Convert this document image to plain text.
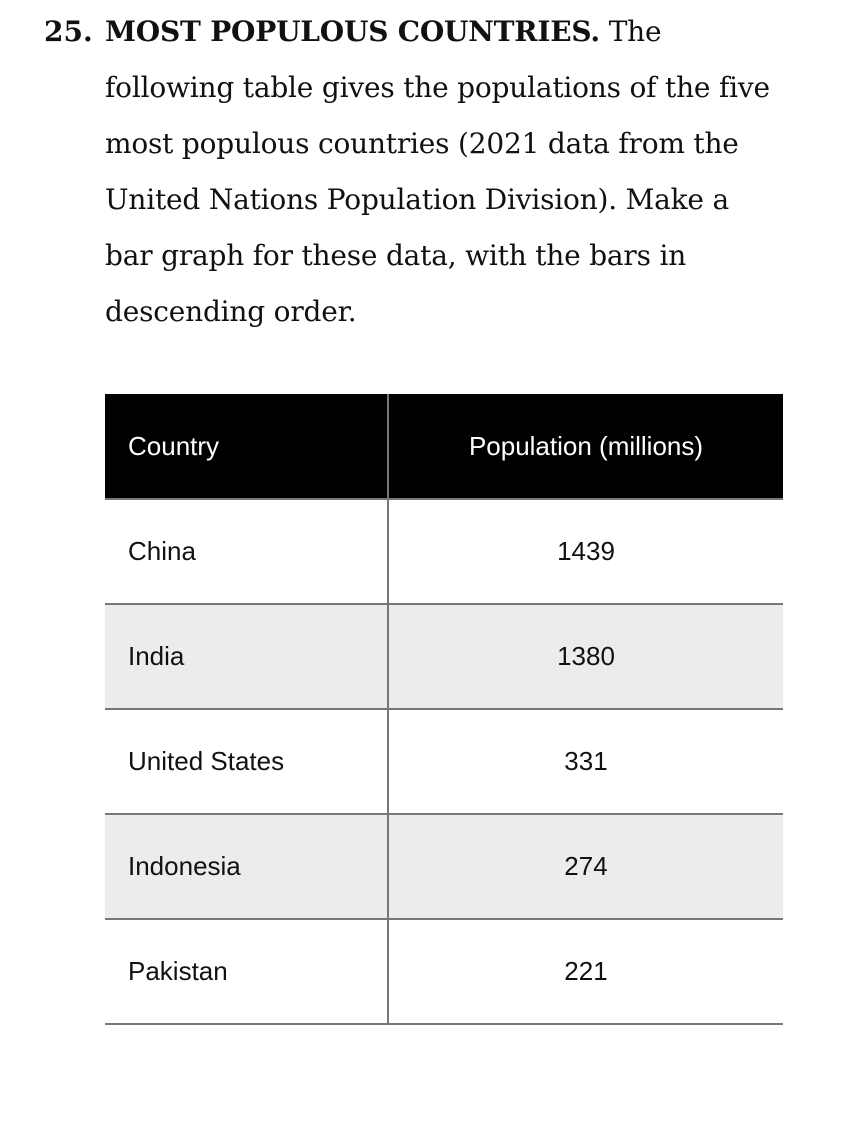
25. MOST POPULOUS COUNTRIES. The following table gives the populations of the five most populous countries (2021 data from the United Nations Population Division). Make a bar graph for these data, with the bars in descending order.
Country	Population (millions)
China	1439
India	1380
United States	331
Indonesia	274
Pakistan	221
